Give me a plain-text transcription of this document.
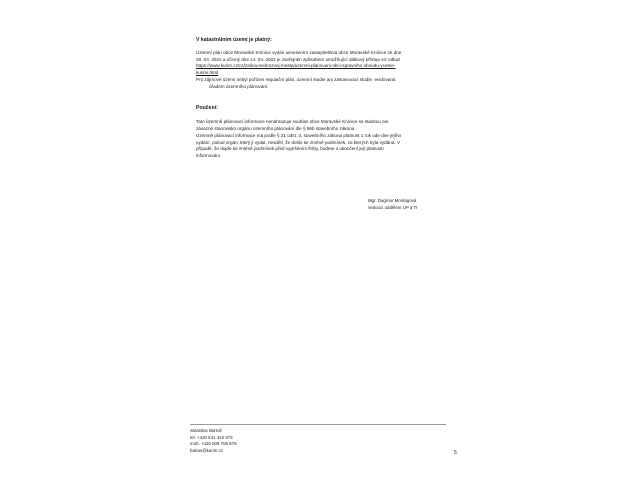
V katastrálním území je platný:

Územní plán obce Moravské Knínice vydán usnesením zastupitelstva obce Moravské Knínice ze dne

28. 03. 2022 a účinný dne 14. 04. 2022 je zveřejněn způsobem umožňující dálkový přístup viz odkaz

https://www.kurim.cz/cs/zalina-mel/rozvoj-mesta/uzemni-planovani-obci-spravniho-obvodu-vcetne-

kurimi.html

Pro zájmové území nebyl pořízen regulační plán, územní studie ani zastavovací studie, evidovaná

úřadem územního plánování.

Poučení:

Tato územně plánovací informace nenahrazuje souhlas obce Moravské Knínice se stavbou ani

závazné stanovisko orgánu územního plánování dle § 96b stavebního zákona.

Územně plánovací informace má podle § 21 odst. 3, stavebního zákona platnost 1 rok ode dne jejího

vydání, pokud orgán, který ji vydal, nesdělí, že došlo ke změně podmínek, za kterých byla vydána. V

případě, že dojde ke změně podmínek před vypršením lhůty, budete o ukončení její platnosti

informováni.

Mgr. Dagmar Montagová

vedoucí oddělení ÚP a TI

Stanislav Bartoš

tel. +420 541 422 373

mob. +420 606 706 879

bartos@kurim.cz	5
